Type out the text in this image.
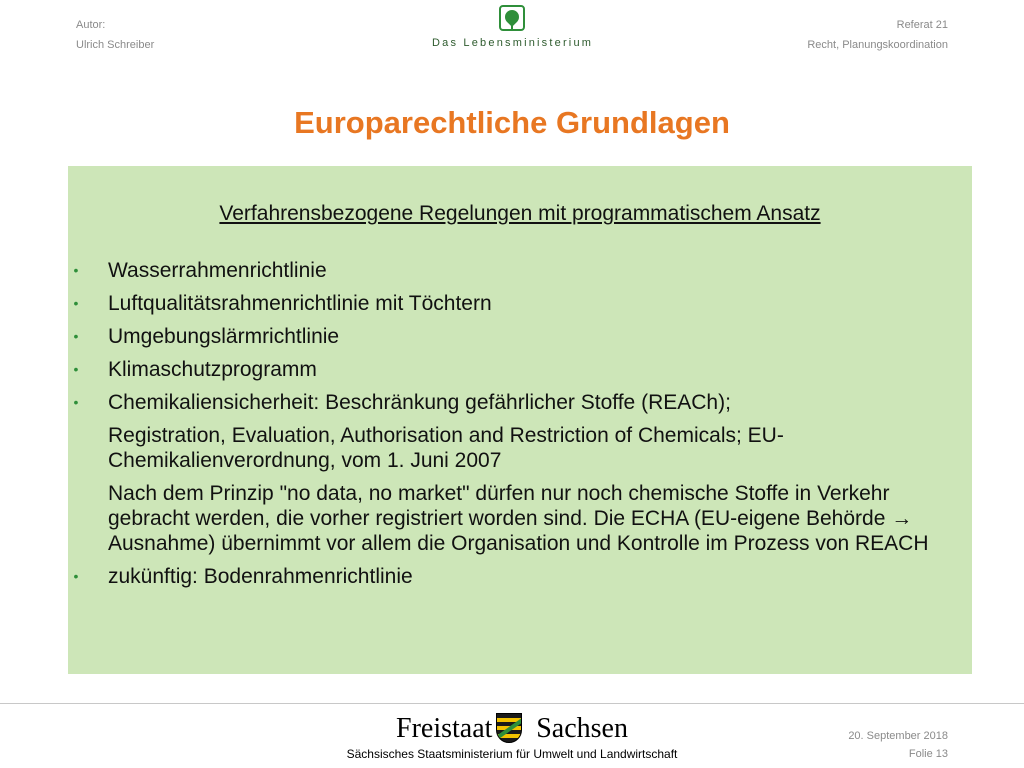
Autor:
Ulrich Schreiber	Das Lebensministerium
Referat 21
Recht, Planungskoordination
Europarechtliche Grundlagen
Verfahrensbezogene Regelungen mit programmatischem Ansatz
• Wasserrahmenrichtlinie
• Luftqualitätsrahmenrichtlinie mit Töchtern
• Umgebungslärmrichtlinie
• Klimaschutzprogramm
• Chemikaliensicherheit: Beschränkung gefährlicher Stoffe (REACh);
Registration, Evaluation, Authorisation and Restriction of Chemicals; EU-Chemikalienverordnung, vom 1. Juni 2007
Nach dem Prinzip "no data, no market" dürfen nur noch chemische Stoffe in Verkehr gebracht werden, die vorher registriert worden sind. Die ECHA (EU-eigene Behörde → Ausnahme) übernimmt vor allem die Organisation und Kontrolle im Prozess von REACH
• zukünftig: Bodenrahmenrichtlinie
Freistaat Sachsen
Sächsisches Staatsministerium für Umwelt und Landwirtschaft
20. September 2018
Folie 13
